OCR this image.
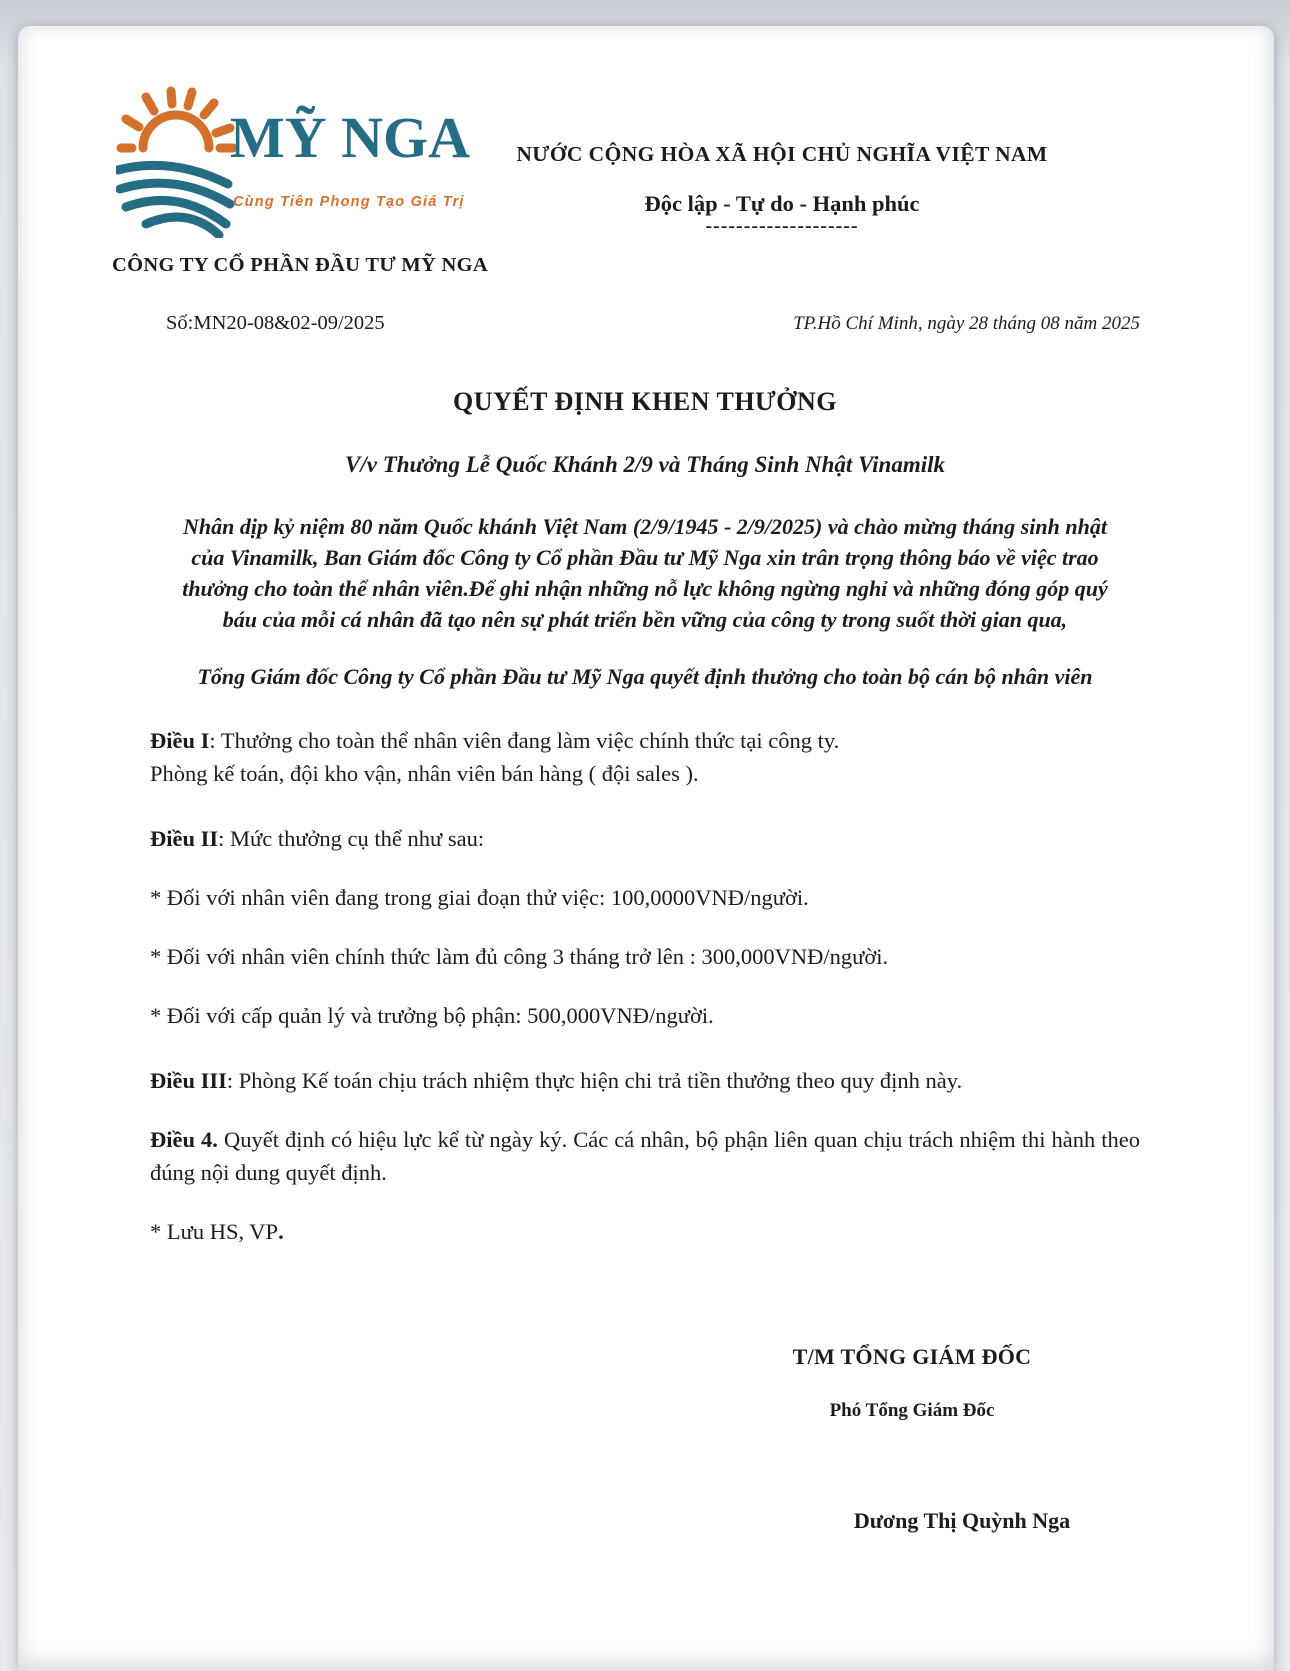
MỸ NGA
Cùng Tiên Phong Tạo Giá Trị
NƯỚC CỘNG HÒA XÃ HỘI CHỦ NGHĨA VIỆT NAM
Độc lập - Tự do - Hạnh phúc
--------------------
CÔNG TY CỔ PHẦN ĐẦU TƯ MỸ NGA
Số:MN20-08&02-09/2025	TP.Hồ Chí Minh, ngày 28 tháng 08 năm 2025
QUYẾT ĐỊNH KHEN THƯỞNG
V/v Thưởng Lễ Quốc Khánh 2/9 và Tháng Sinh Nhật Vinamilk
Nhân dịp kỷ niệm 80 năm Quốc khánh Việt Nam (2/9/1945 - 2/9/2025) và chào mừng tháng sinh nhật của Vinamilk, Ban Giám đốc Công ty Cổ phần Đầu tư Mỹ Nga xin trân trọng thông báo về việc trao thưởng cho toàn thể nhân viên.Để ghi nhận những nỗ lực không ngừng nghỉ và những đóng góp quý báu của mỗi cá nhân đã tạo nên sự phát triển bền vững của công ty trong suốt thời gian qua,
Tổng Giám đốc Công ty Cổ phần Đầu tư Mỹ Nga quyết định thưởng cho toàn bộ cán bộ nhân viên
Điều I: Thưởng cho toàn thể nhân viên đang làm việc chính thức tại công ty.
Phòng kế toán, đội kho vận, nhân viên bán hàng ( đội sales ).
Điều II: Mức thưởng cụ thể như sau:
* Đối với nhân viên đang trong giai đoạn thử việc: 100,0000VNĐ/người.
* Đối với nhân viên chính thức làm đủ công 3 tháng trở lên : 300,000VNĐ/người.
* Đối với cấp quản lý và trưởng bộ phận: 500,000VNĐ/người.
Điều III: Phòng Kế toán chịu trách nhiệm thực hiện chi trả tiền thưởng theo quy định này.
Điều 4. Quyết định có hiệu lực kể từ ngày ký. Các cá nhân, bộ phận liên quan chịu trách nhiệm thi hành theo đúng nội dung quyết định.
* Lưu HS, VP.
T/M TỔNG GIÁM ĐỐC
Phó Tổng Giám Đốc
Dương Thị Quỳnh Nga
